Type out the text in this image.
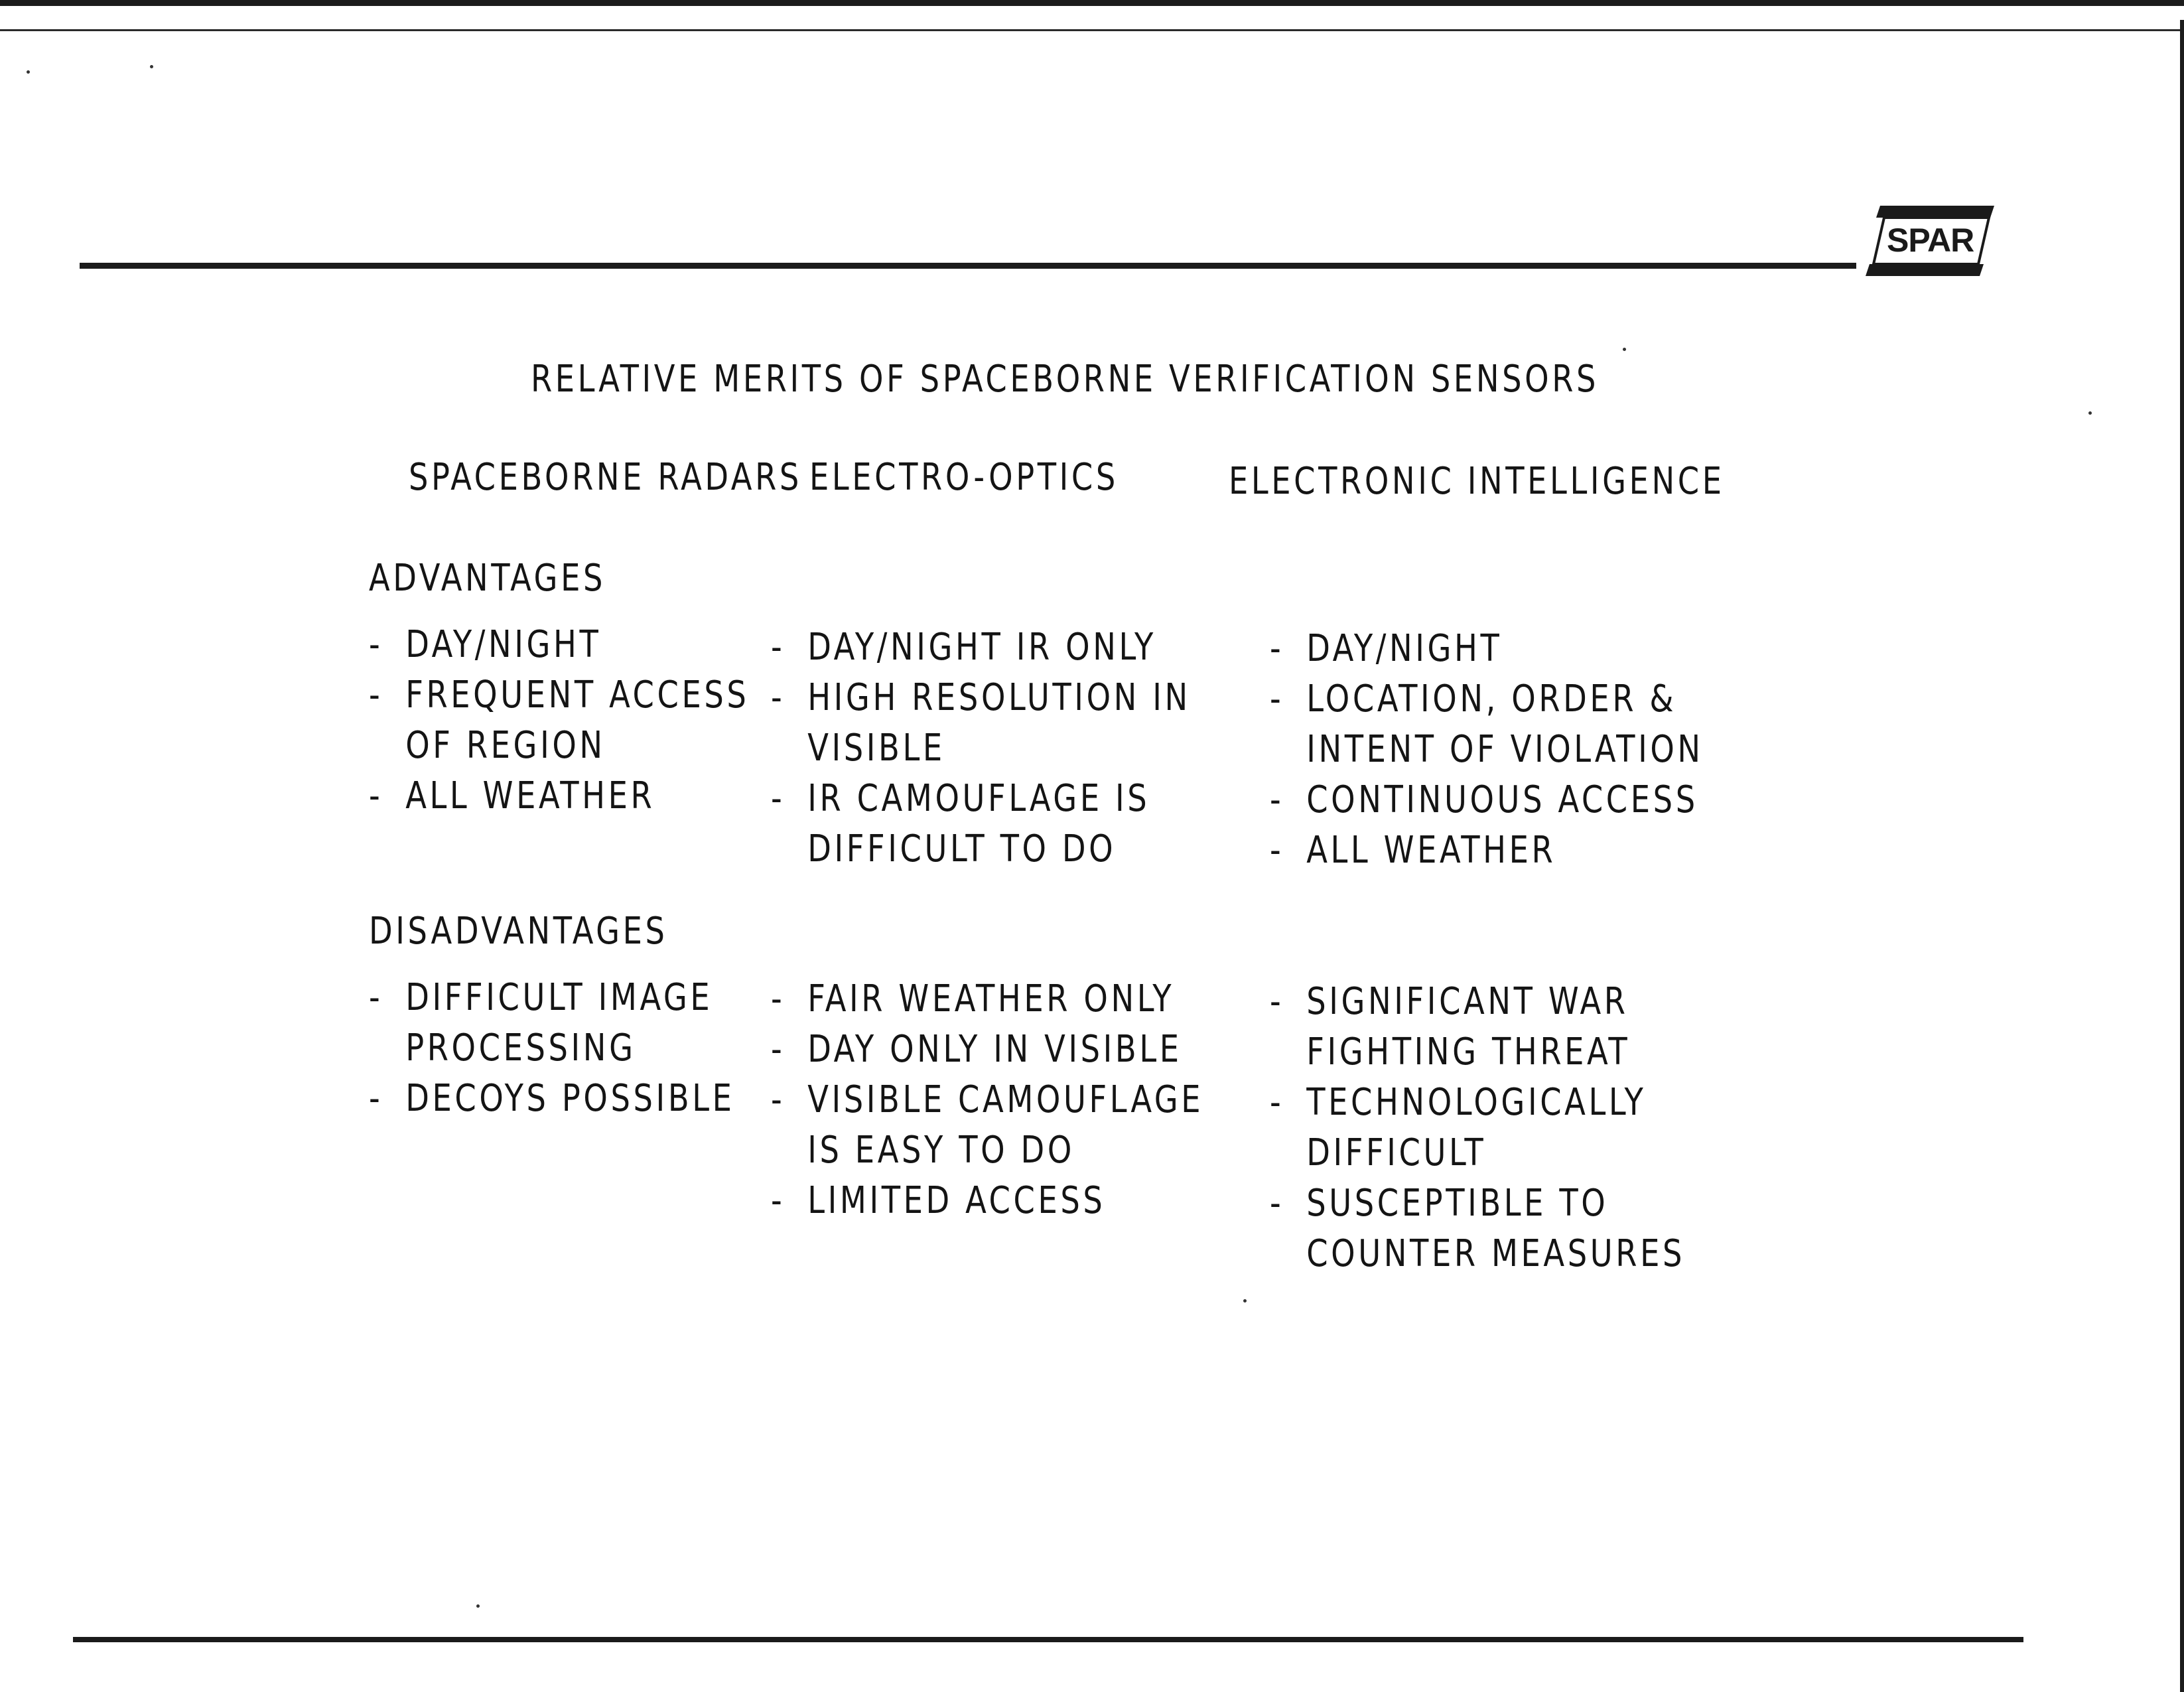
SPAR
RELATIVE MERITS OF SPACEBORNE VERIFICATION SENSORS
SPACEBORNE RADARS ELECTRO-OPTICS	ELECTRONIC INTELLIGENCE
ADVANTAGES
- DAY/NIGHT
- FREQUENT ACCESS
OF REGION
- ALL WEATHER
- DAY/NIGHT IR ONLY
- HIGH RESOLUTION IN
VISIBLE
- IR CAMOUFLAGE IS
DIFFICULT TO DO
- DAY/NIGHT
- LOCATION, ORDER &
INTENT OF VIOLATION
- CONTINUOUS ACCESS
- ALL WEATHER
DISADVANTAGES
- DIFFICULT IMAGE
PROCESSING
- DECOYS POSSIBLE
- FAIR WEATHER ONLY
- DAY ONLY IN VISIBLE
- VISIBLE CAMOUFLAGE
IS EASY TO DO
- LIMITED ACCESS
- SIGNIFICANT WAR
FIGHTING THREAT
- TECHNOLOGICALLY
DIFFICULT
- SUSCEPTIBLE TO
COUNTER MEASURES
